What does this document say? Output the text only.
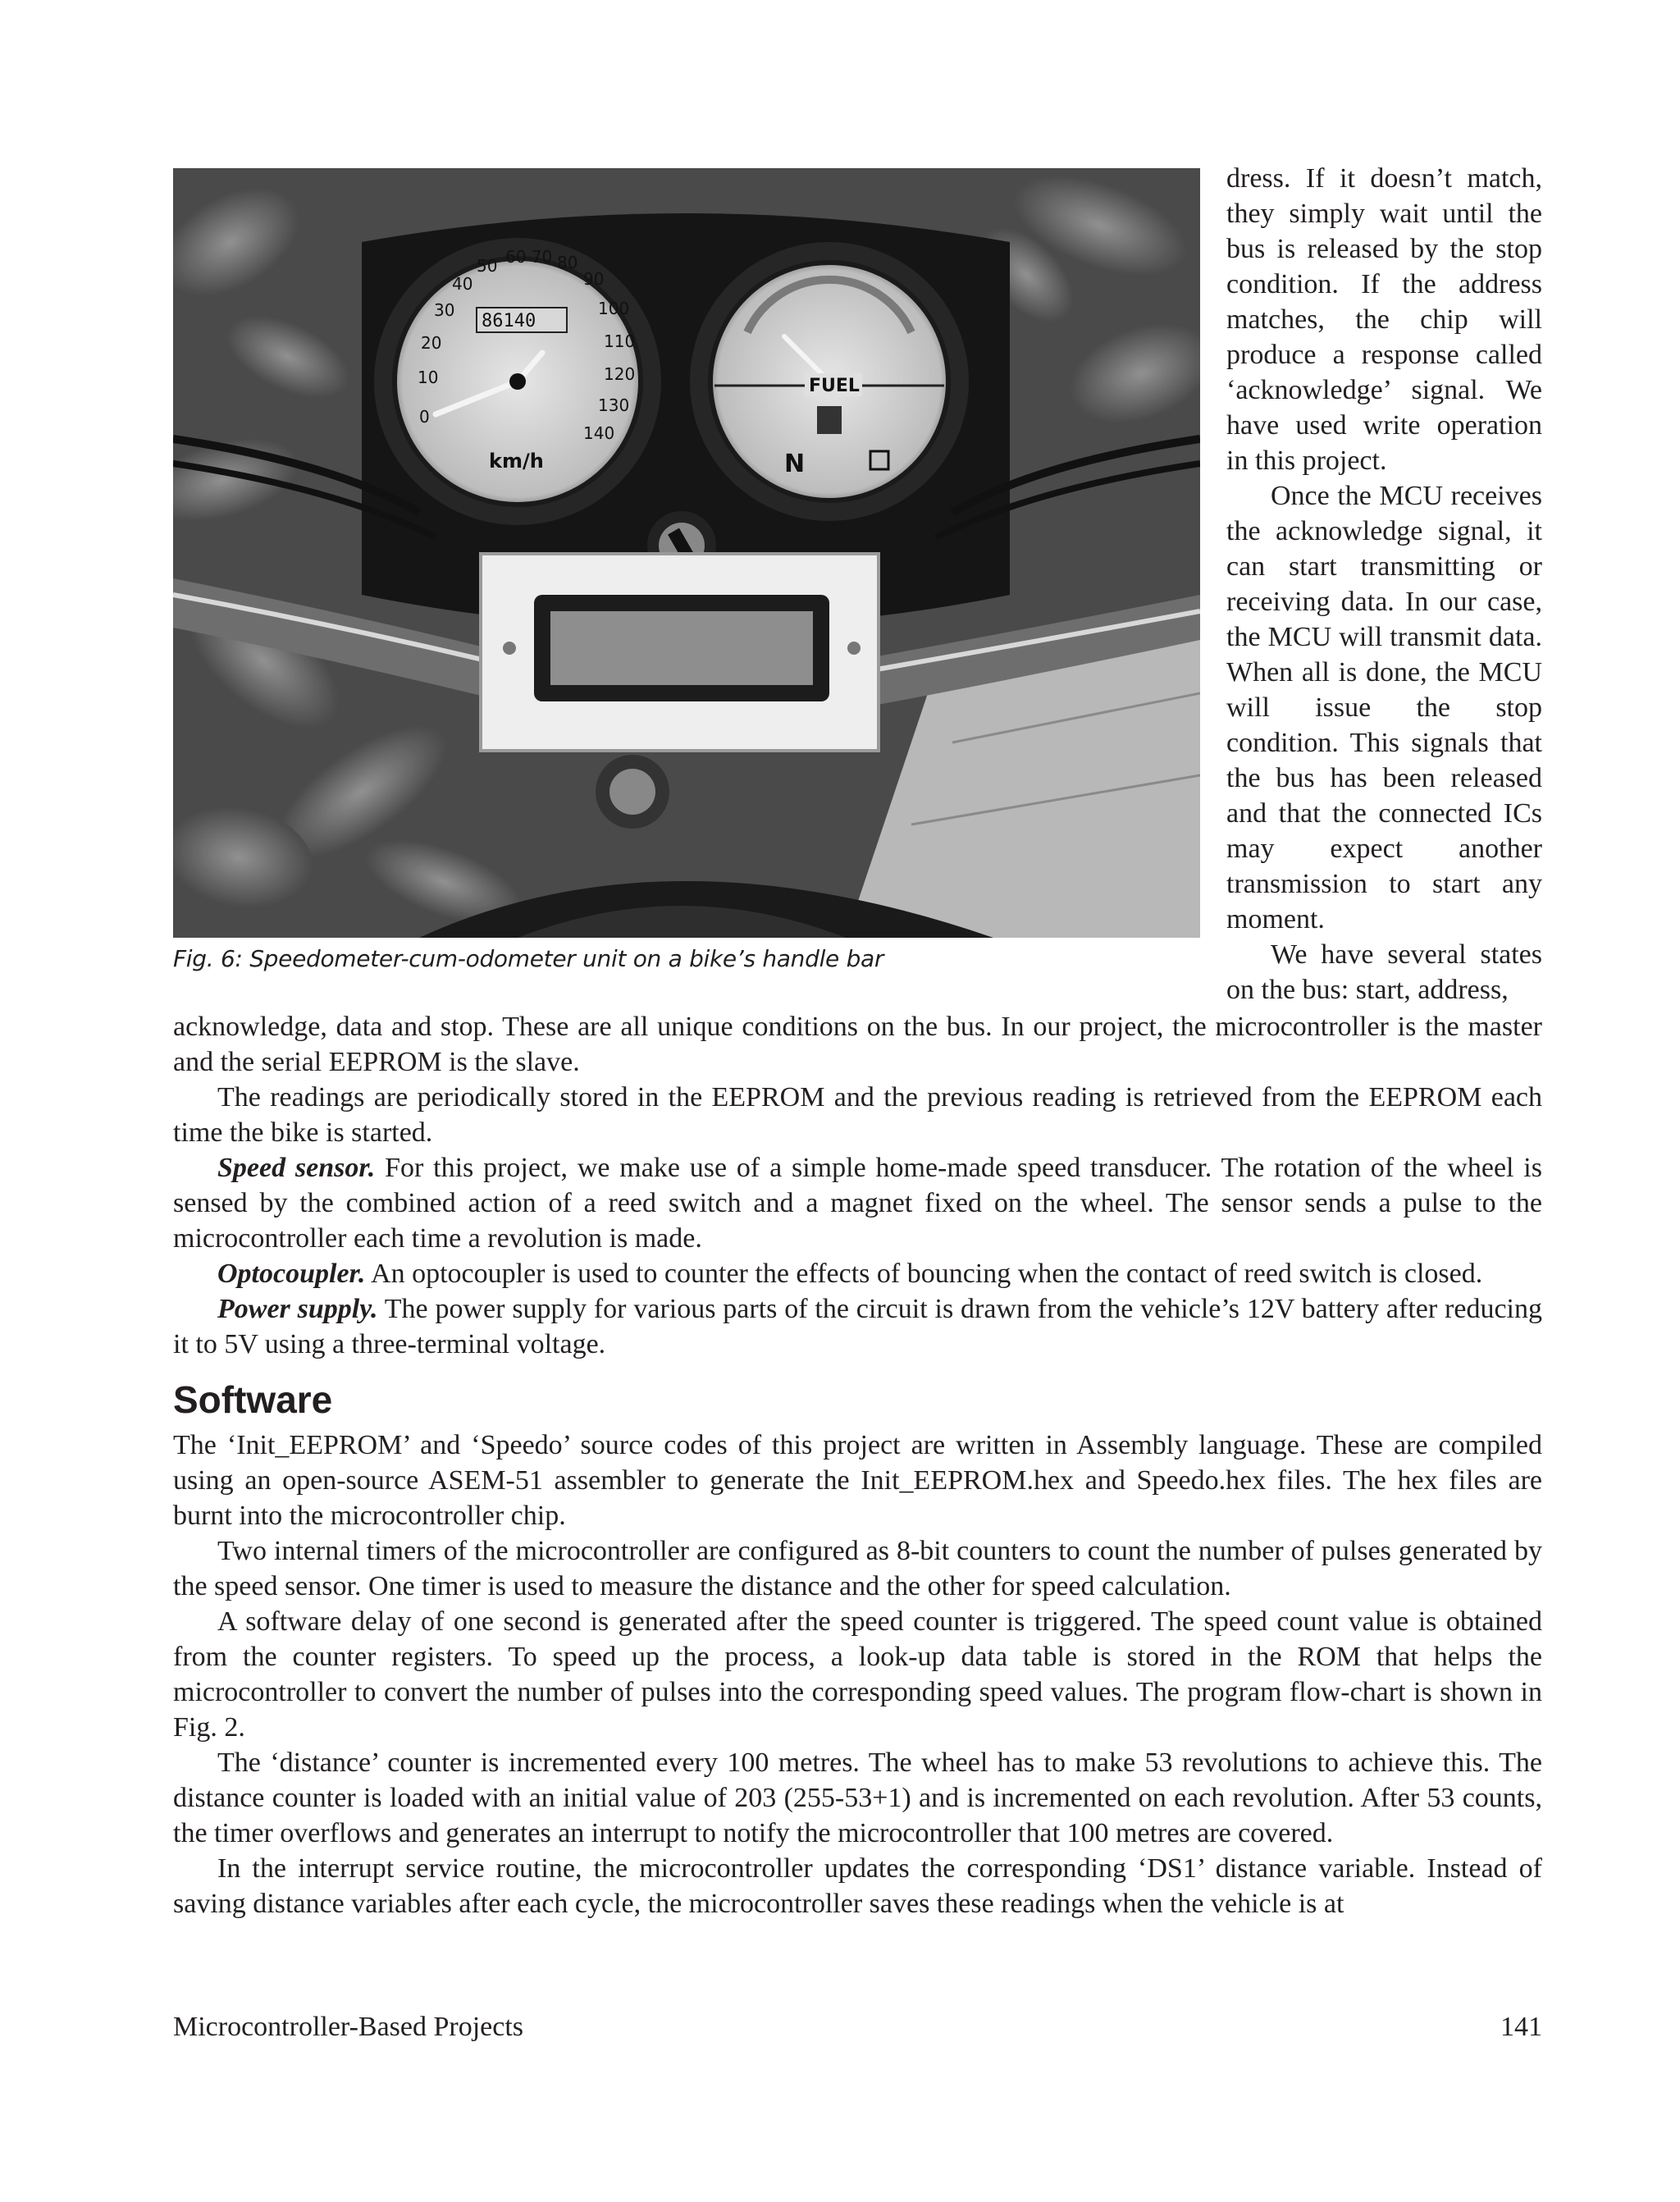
0
10
20
30
40
50 60 70 80
90
100
110
120
130
140
86140
km/h
FUEL
N
Fig. 6: Speedometer-cum-odometer unit on a bike’s handle bar

dress. If it doesn’t match, they simply wait until the bus is released by the stop condition. If the address matches, the chip will produce a response called ‘acknowledge’ signal. We have used write operation in this project.

Once the MCU receives the acknowledge signal, it can start transmitting or receiving data. In our case, the MCU will transmit data. When all is done, the MCU will issue the stop condition. This signals that the bus has been released and that the connected ICs may expect another transmission to start any moment.

We have several states on the bus: start, address,

acknowledge, data and stop. These are all unique conditions on the bus. In our project, the microcontroller is the master and the serial EEPROM is the slave.

The readings are periodically stored in the EEPROM and the previous reading is retrieved from the EEPROM each time the bike is started.

Speed sensor. For this project, we make use of a simple home-made speed transducer. The rotation of the wheel is sensed by the combined action of a reed switch and a magnet fixed on the wheel. The sensor sends a pulse to the microcontroller each time a revolution is made.

Optocoupler. An optocoupler is used to counter the effects of bouncing when the contact of reed switch is closed.

Power supply. The power supply for various parts of the circuit is drawn from the vehicle’s 12V battery after reducing it to 5V using a three-terminal voltage.

Software

The ‘Init_EEPROM’ and ‘Speedo’ source codes of this project are written in Assembly language. These are compiled using an open-source ASEM-51 assembler to generate the Init_EEPROM.hex and Speedo.hex files. The hex files are burnt into the microcontroller chip.

Two internal timers of the microcontroller are configured as 8-bit counters to count the number of pulses generated by the speed sensor. One timer is used to measure the distance and the other for speed calculation.

A software delay of one second is generated after the speed counter is triggered. The speed count value is obtained from the counter registers. To speed up the process, a look-up data table is stored in the ROM that helps the microcontroller to convert the number of pulses into the corresponding speed values. The program flow-chart is shown in Fig. 2.

The ‘distance’ counter is incremented every 100 metres. The wheel has to make 53 revolutions to achieve this. The distance counter is loaded with an initial value of 203 (255-53+1) and is incremented on each revolution. After 53 counts, the timer overflows and generates an interrupt to notify the microcontroller that 100 metres are covered.

In the interrupt service routine, the microcontroller updates the corresponding ‘DS1’ distance variable. Instead of saving distance variables after each cycle, the microcontroller saves these readings when the vehicle is at

Microcontroller-Based Projects	141
